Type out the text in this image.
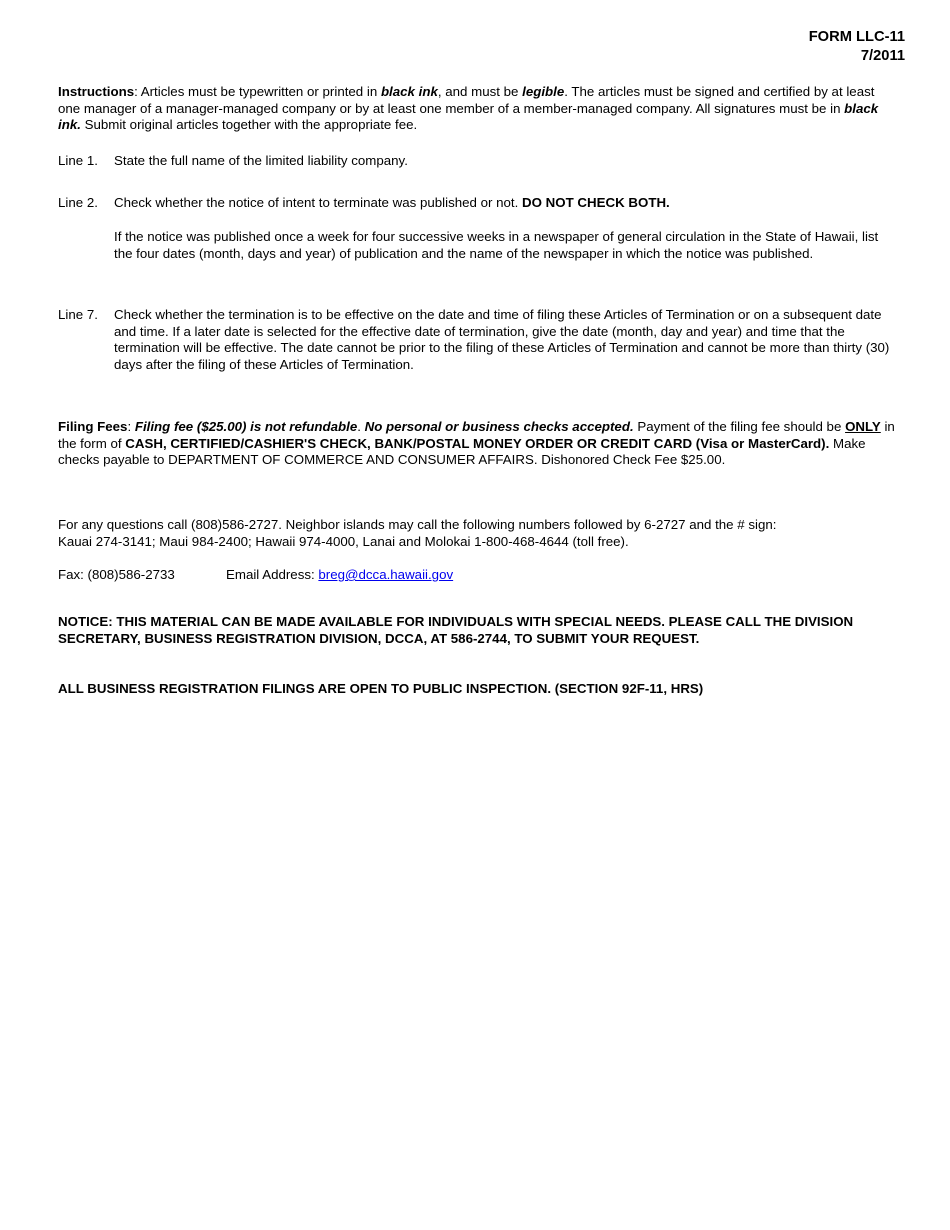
FORM LLC-11
7/2011
Instructions: Articles must be typewritten or printed in black ink, and must be legible. The articles must be signed and certified by at least one manager of a manager-managed company or by at least one member of a member-managed company. All signatures must be in black ink. Submit original articles together with the appropriate fee.
Line 1.	State the full name of the limited liability company.
Line 2.	Check whether the notice of intent to terminate was published or not. DO NOT CHECK BOTH.
If the notice was published once a week for four successive weeks in a newspaper of general circulation in the State of Hawaii, list the four dates (month, days and year) of publication and the name of the newspaper in which the notice was published.
Line 7.	Check whether the termination is to be effective on the date and time of filing these Articles of Termination or on a subsequent date and time. If a later date is selected for the effective date of termination, give the date (month, day and year) and time that the termination will be effective. The date cannot be prior to the filing of these Articles of Termination and cannot be more than thirty (30) days after the filing of these Articles of Termination.
Filing Fees: Filing fee ($25.00) is not refundable. No personal or business checks accepted. Payment of the filing fee should be ONLY in the form of CASH, CERTIFIED/CASHIER'S CHECK, BANK/POSTAL MONEY ORDER OR CREDIT CARD (Visa or MasterCard). Make checks payable to DEPARTMENT OF COMMERCE AND CONSUMER AFFAIRS. Dishonored Check Fee $25.00.
For any questions call (808)586-2727. Neighbor islands may call the following numbers followed by 6-2727 and the # sign:
Kauai 274-3141; Maui 984-2400; Hawaii 974-4000, Lanai and Molokai 1-800-468-4644 (toll free).
Fax: (808)586-2733	Email Address: breg@dcca.hawaii.gov
NOTICE: THIS MATERIAL CAN BE MADE AVAILABLE FOR INDIVIDUALS WITH SPECIAL NEEDS. PLEASE CALL THE DIVISION SECRETARY, BUSINESS REGISTRATION DIVISION, DCCA, AT 586-2744, TO SUBMIT YOUR REQUEST.
ALL BUSINESS REGISTRATION FILINGS ARE OPEN TO PUBLIC INSPECTION. (SECTION 92F-11, HRS)
